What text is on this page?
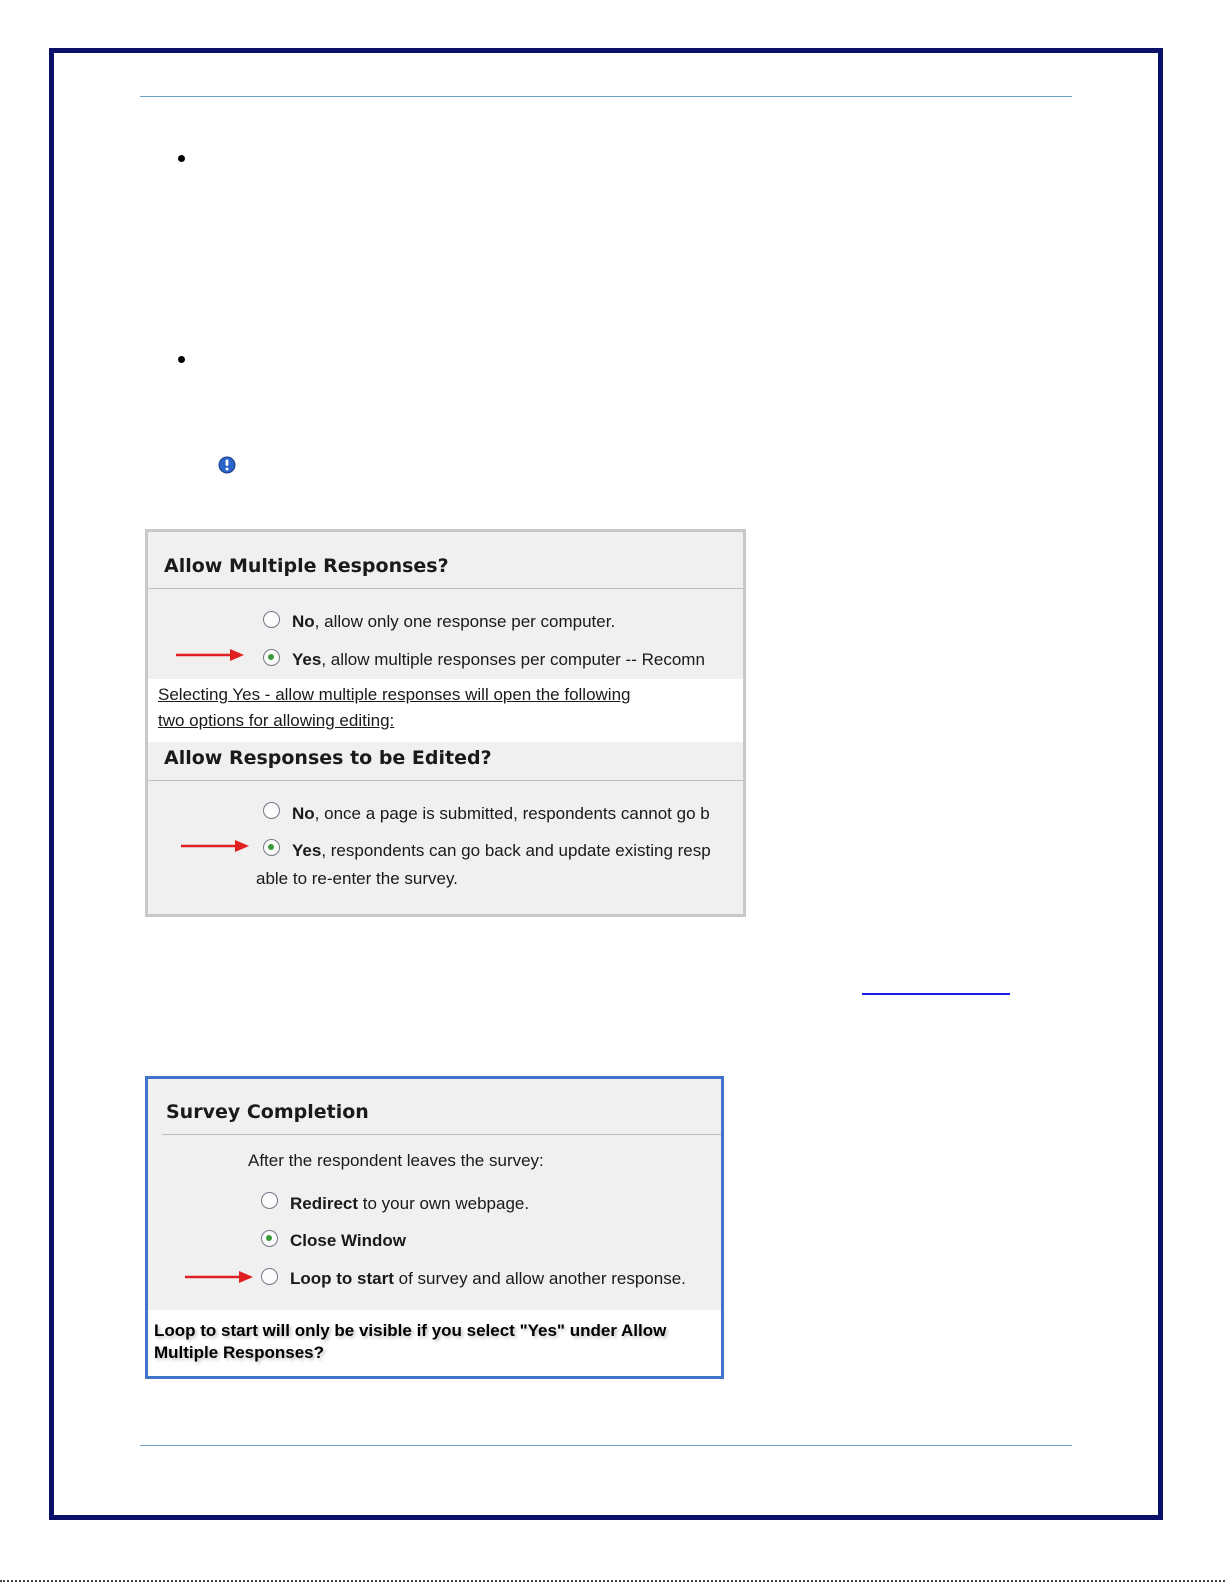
Allow Multiple Responses?
No, allow only one response per computer.
Yes, allow multiple responses per computer -- Recomn
Selecting Yes - allow multiple responses will open the following
two options for allowing editing:
Allow Responses to be Edited?
No, once a page is submitted, respondents cannot go b
Yes, respondents can go back and update existing resp
able to re-enter the survey.
Survey Completion
After the respondent leaves the survey:
Redirect to your own webpage.
Close Window
Loop to start of survey and allow another response.
Loop to start will only be visible if you select "Yes" under Allow Multiple Responses?
